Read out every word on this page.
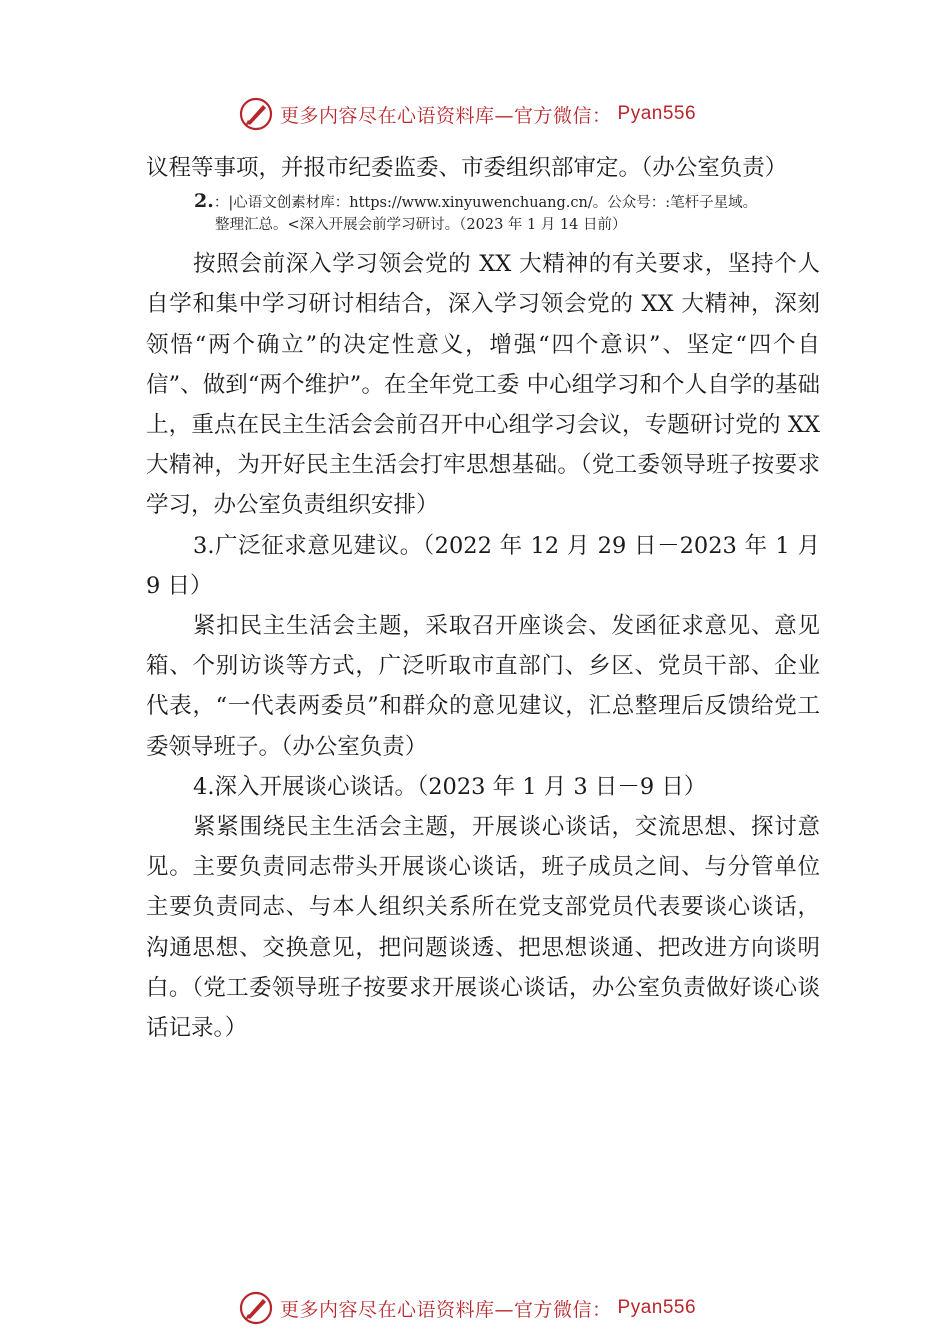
更多内容尽在心语资料库—官方微信： Pyan556

议程等事项，并报市纪委监委、市委组织部审定。（办公室负责）

2.：|心语文创素材库：https://www.xinyuwenchuang.cn/。公众号：:笔杆子星域。
整理汇总。<深入开展会前学习研讨。（2023 年 1 月 14 日前）

按照会前深入学习领会党的 XX 大精神的有关要求，坚持个人自学和集中学习研讨相结合，深入学习领会党的 XX 大精神，深刻领悟“两个确立”的决定性意义，增强“四个意识”、坚定“四个自信”、做到“两个维护”。在全年党工委 中心组学习和个人自学的基础上，重点在民主生活会会前召开中心组学习会议，专题研讨党的 XX 大精神，为开好民主生活会打牢思想基础。（党工委领导班子按要求学习，办公室负责组织安排）

3.广泛征求意见建议。（2022 年 12 月 29 日－2023 年 1 月 9 日）

紧扣民主生活会主题，采取召开座谈会、发函征求意见、意见箱、个别访谈等方式，广泛听取市直部门、乡区、党员干部、企业代表，“一代表两委员”和群众的意见建议，汇总整理后反馈给党工委领导班子。（办公室负责）

4.深入开展谈心谈话。（2023 年 1 月 3 日－9 日）

紧紧围绕民主生活会主题，开展谈心谈话，交流思想、探讨意见。主要负责同志带头开展谈心谈话，班子成员之间、与分管单位主要负责同志、与本人组织关系所在党支部党员代表要谈心谈话，沟通思想、交换意见，把问题谈透、把思想谈通、把改进方向谈明白。（党工委领导班子按要求开展谈心谈话，办公室负责做好谈心谈话记录。）

更多内容尽在心语资料库—官方微信： Pyan556
